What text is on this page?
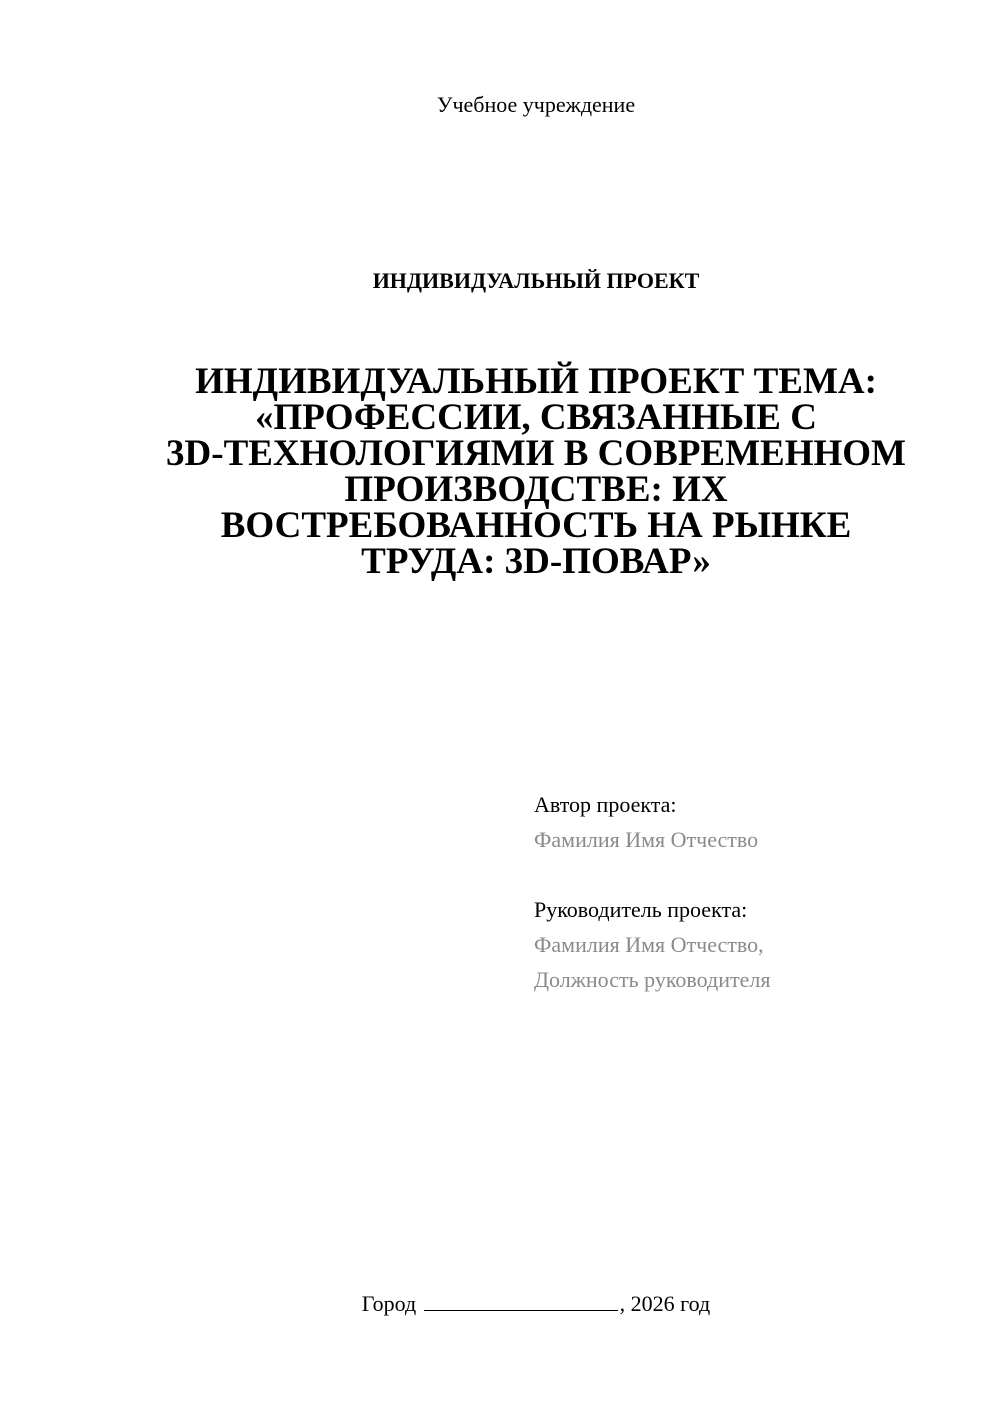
Учебное учреждение
ИНДИВИДУАЛЬНЫЙ ПРОЕКТ
ИНДИВИДУАЛЬНЫЙ ПРОЕКТ ТЕМА:
«ПРОФЕССИИ, СВЯЗАННЫЕ С
3D-ТЕХНОЛОГИЯМИ В СОВРЕМЕННОМ
ПРОИЗВОДСТВЕ: ИХ
ВОСТРЕБОВАННОСТЬ НА РЫНКЕ
ТРУДА: 3D-ПОВАР»
Автор проекта:
Фамилия Имя Отчество
Руководитель проекта:
Фамилия Имя Отчество,
Должность руководителя
Город	, 2026 год
